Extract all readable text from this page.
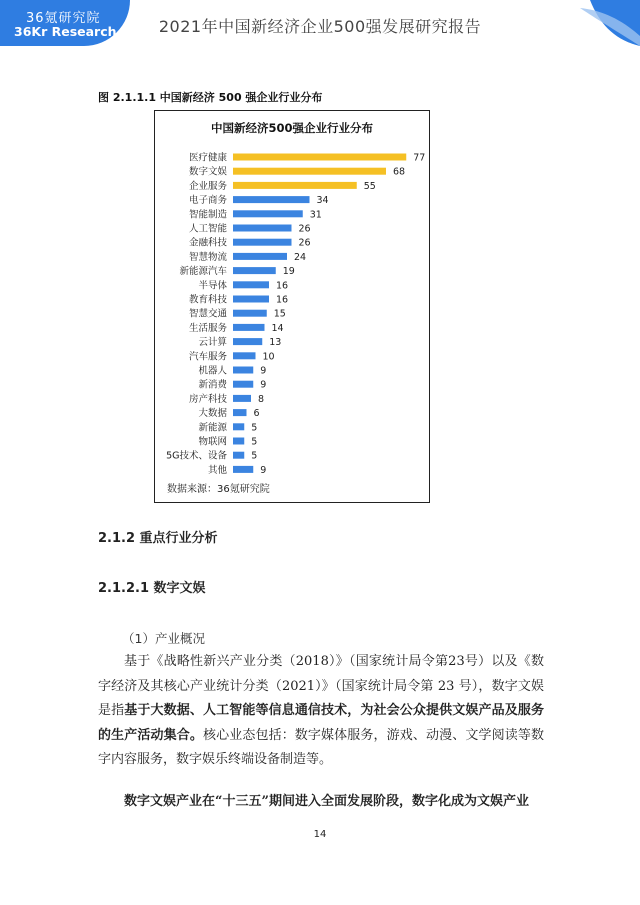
36氪研究院
36Kr Research	2021年中国新经济企业500强发展研究报告
图 2.1.1.1 中国新经济 500 强企业行业分布
中国新经济500强企业行业分布
医疗健康	77
数字文娱	68
企业服务	55
电子商务	34
智能制造	31
人工智能	26
金融科技	26
智慧物流	24
新能源汽车	19
半导体	16
教育科技	16
智慧交通	15
生活服务	14
云计算	13
汽车服务	10
机器人	9
新消费	9
房产科技	8
大数据	6
新能源	5
物联网	5
5G技术、设备	5
其他	9
数据来源：36氪研究院
2.1.2 重点行业分析
2.1.2.1 数字文娱
（1）产业概况
基于《战略性新兴产业分类（2018）》（国家统计局令第23号）以及《数字经济及其核心产业统计分类（2021）》（国家统计局令第 23 号），数字文娱是指基于大数据、人工智能等信息通信技术，为社会公众提供文娱产品及服务的生产活动集合。核心业态包括：数字媒体服务，游戏、动漫、文学阅读等数字内容服务，数字娱乐终端设备制造等。
数字文娱产业在“十三五”期间进入全面发展阶段，数字化成为文娱产业
14
